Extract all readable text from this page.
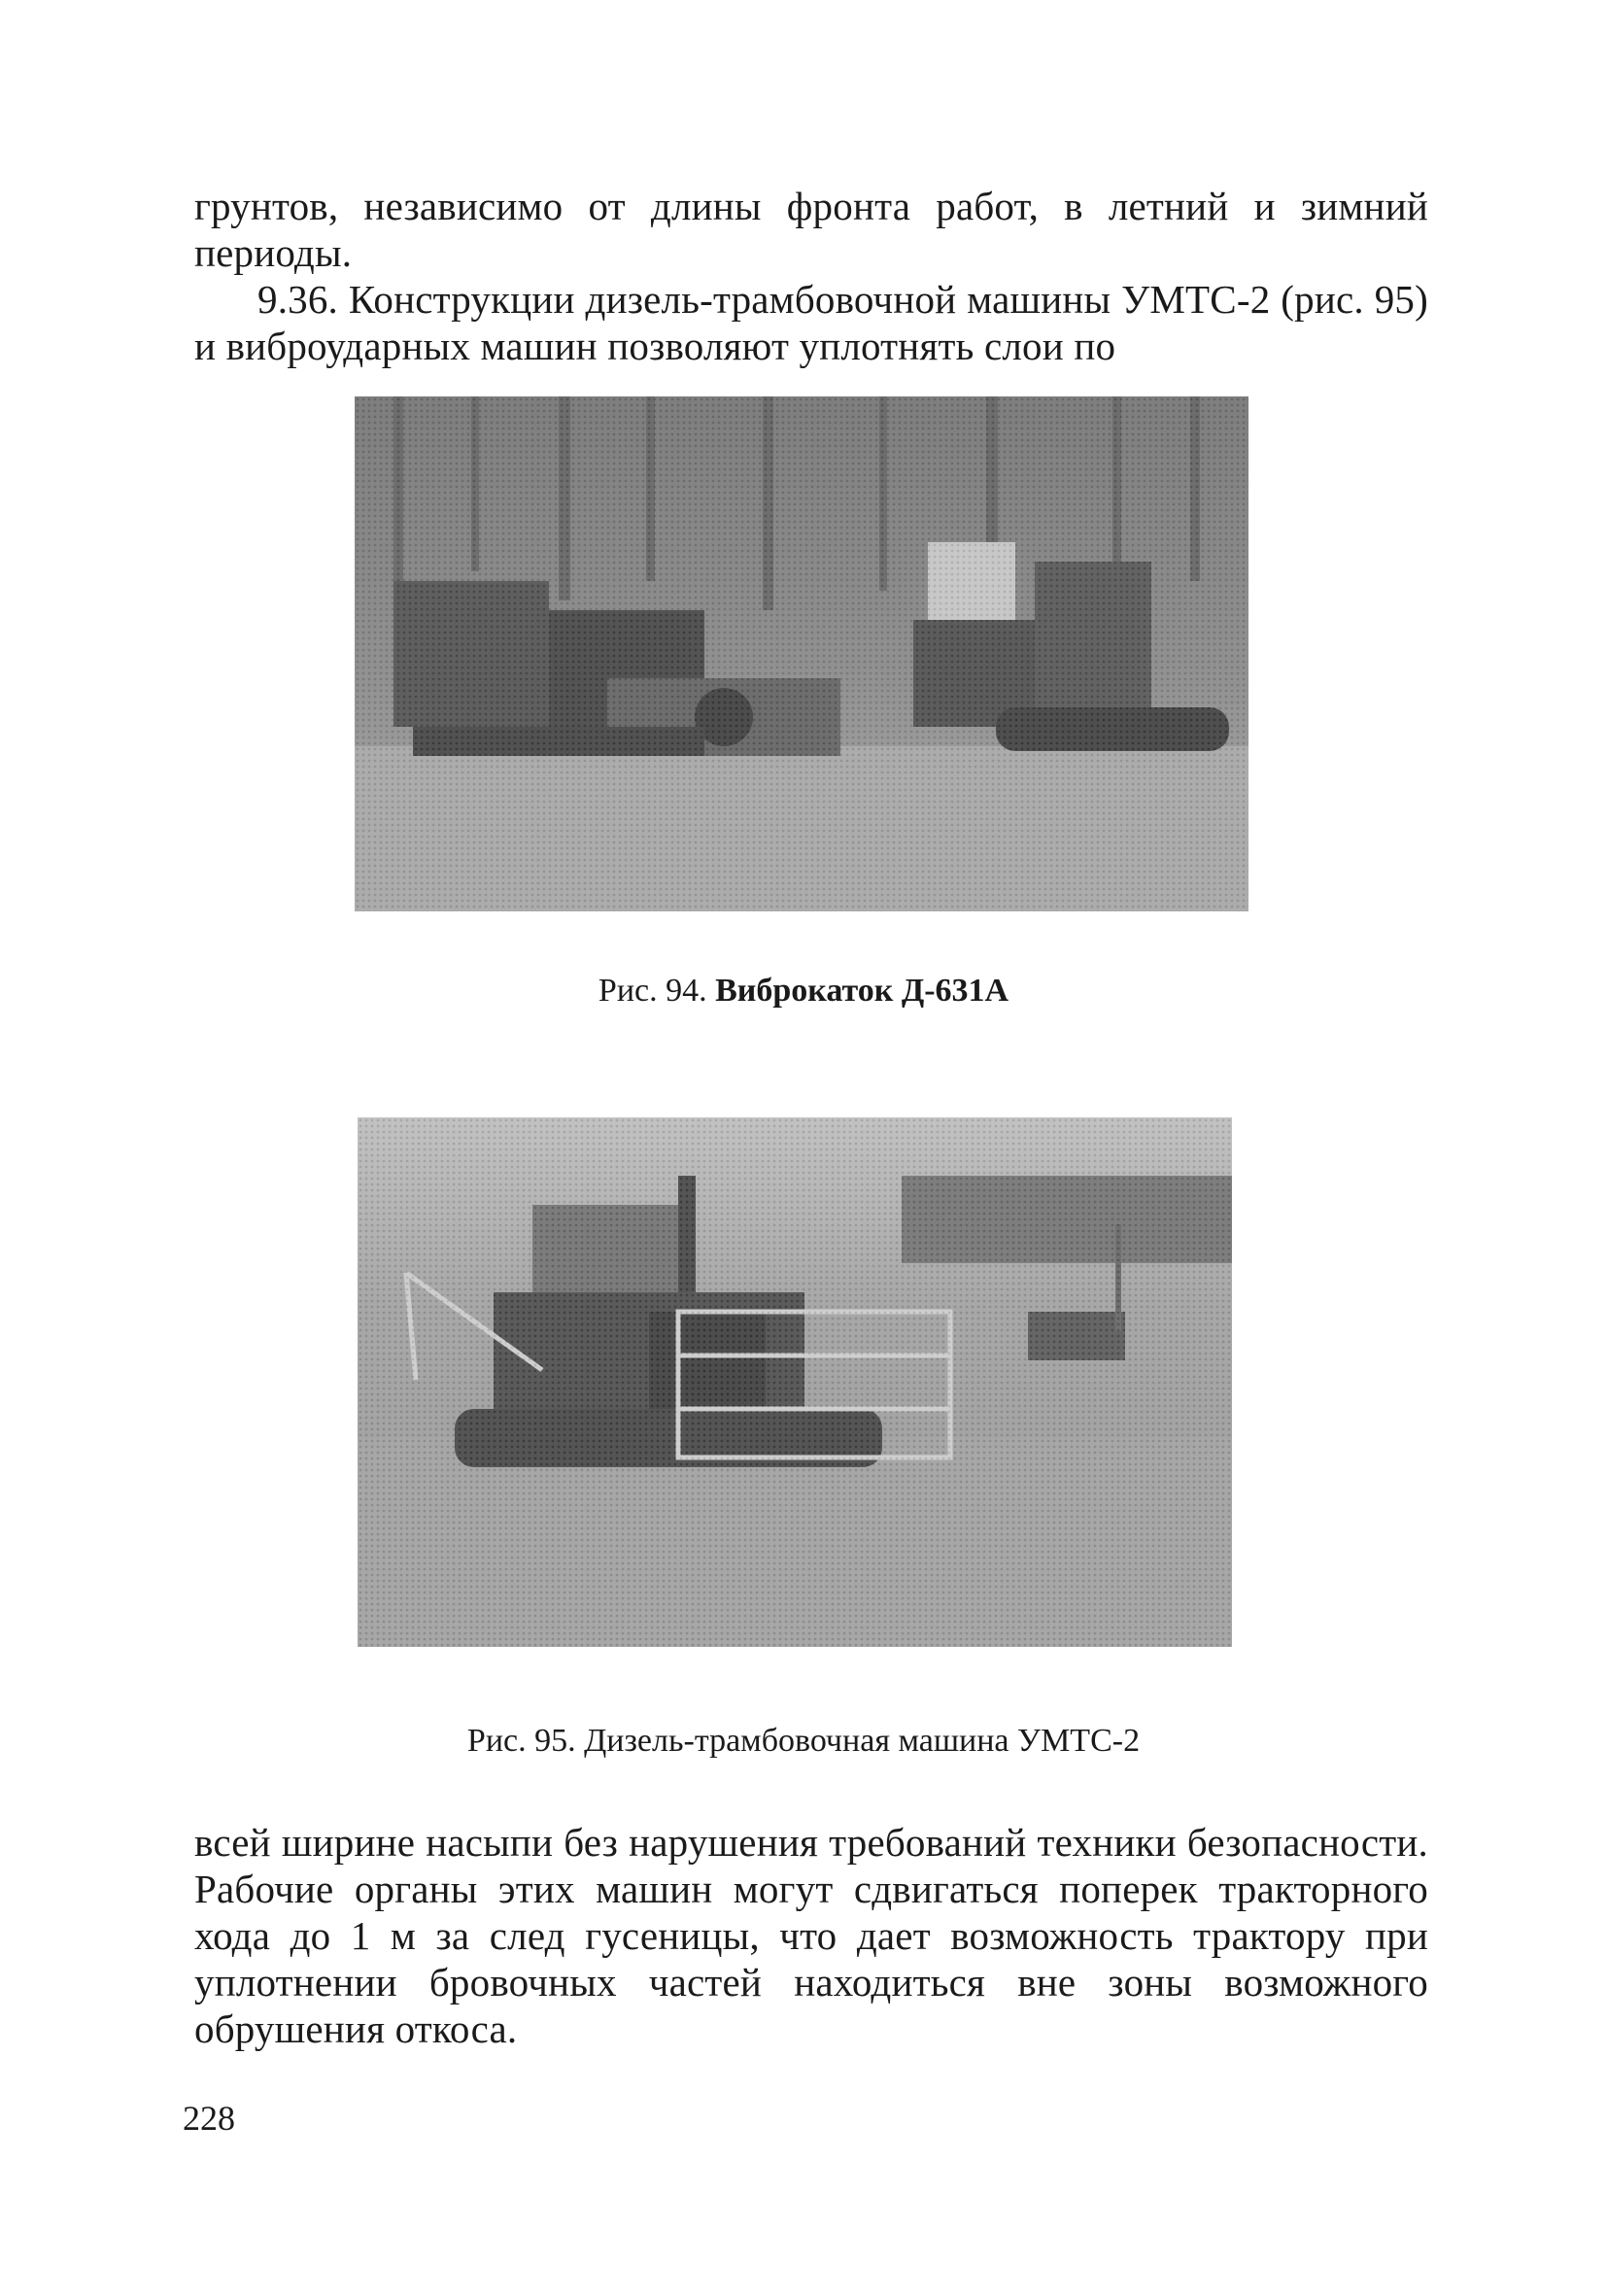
грунтов, независимо от длины фронта работ, в летний и зимний периоды.

9.36. Конструкции дизель-трамбовочной машины УМТС-2 (рис. 95) и виброударных машин позволяют уплотнять слои по

Рис. 94. Виброкаток Д-631А
Рис. 95. Дизель-трамбовочная машина УМТС-2

всей ширине насыпи без нарушения требований техники безопасности. Рабочие органы этих машин могут сдвигаться поперек тракторного хода до 1 м за след гусеницы, что дает возможность трактору при уплотнении бровочных частей находиться вне зоны возможного обрушения откоса.

228
